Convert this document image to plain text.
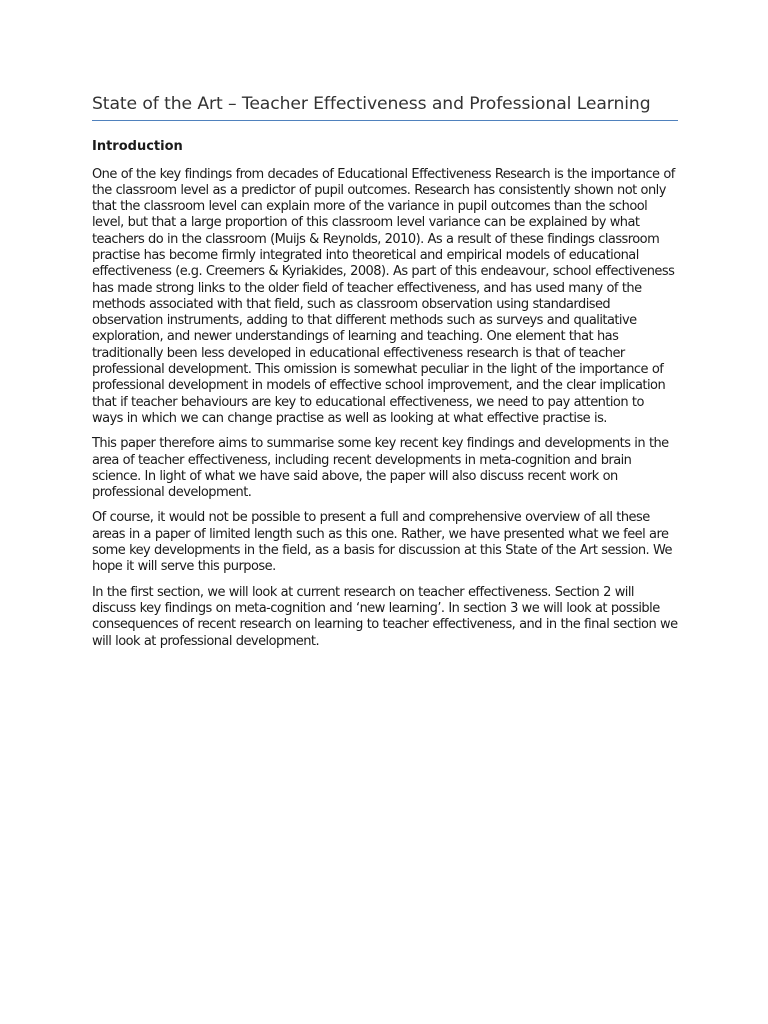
State of the Art – Teacher Effectiveness and Professional Learning
Introduction

One of the key findings from decades of Educational Effectiveness Research is the importance of the classroom level as a predictor of pupil outcomes. Research has consistently shown not only that the classroom level can explain more of the variance in pupil outcomes than the school level, but that a large proportion of this classroom level variance can be explained by what teachers do in the classroom (Muijs & Reynolds, 2010). As a result of these findings classroom practise has become firmly integrated into theoretical and empirical models of educational effectiveness (e.g. Creemers & Kyriakides, 2008). As part of this endeavour, school effectiveness has made strong links to the older field of teacher effectiveness, and has used many of the methods associated with that field, such as classroom observation using standardised observation instruments, adding to that different methods such as surveys and qualitative exploration, and newer understandings of learning and teaching. One element that has traditionally been less developed in educational effectiveness research is that of teacher professional development. This omission is somewhat peculiar in the light of the importance of professional development in models of effective school improvement, and the clear implication that if teacher behaviours are key to educational effectiveness, we need to pay attention to ways in which we can change practise as well as looking at what effective practise is.

This paper therefore aims to summarise some key recent key findings and developments in the area of teacher effectiveness, including recent developments in meta-cognition and brain science. In light of what we have said above, the paper will also discuss recent work on professional development.

Of course, it would not be possible to present a full and comprehensive overview of all these areas in a paper of limited length such as this one. Rather, we have presented what we feel are some key developments in the field, as a basis for discussion at this State of the Art session. We hope it will serve this purpose.

In the first section, we will look at current research on teacher effectiveness. Section 2 will discuss key findings on meta-cognition and ‘new learning’. In section 3 we will look at possible consequences of recent research on learning to teacher effectiveness, and in the final section we will look at professional development.
